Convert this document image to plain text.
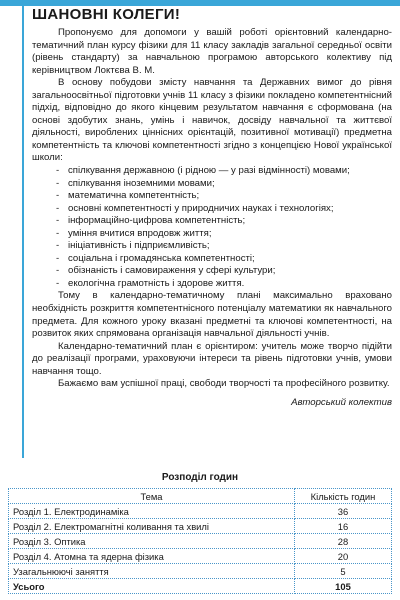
ШАНОВНІ КОЛЕГИ!

Пропонуємо для допомоги у вашій роботі орієнтовний календарно-тематичний план курсу фізики для 11 класу закладів загальної середньої освіти (рівень стандарту) за навчальною програмою авторського колективу під керівництвом Локтєва В. М.

В основу побудови змісту навчання та Державних вимог до рівня загальноосвітньої підготовки учнів 11 класу з фізики покладено компетентнісний підхід, відповідно до якого кінцевим результатом навчання є сформована (на основі здобутих знань, умінь і навичок, досвіду навчальної та життєвої діяльності, вироблених ціннісних орієнтацій, позитивної мотивації) предметна компетентність та ключові компетентності згідно з концепцією Нової української школи:

- спілкування державною (і рідною — у разі відмінності) мовами;
- спілкування іноземними мовами;
- математична компетентність;
- основні компетентності у природничих науках і технологіях;
- інформаційно-цифрова компетентність;
- уміння вчитися впродовж життя;
- ініціативність і підприємливість;
- соціальна і громадянська компетентності;
- обізнаність і самовираження у сфері культури;
- екологічна грамотність і здорове життя.

Тому в календарно-тематичному плані максимально враховано необхідність розкриття компетентнісного потенціалу математики як навчального предмета. Для кожного уроку вказані предметні та ключові компетентності, на розвиток яких спрямована організація навчальної діяльності учнів.

Календарно-тематичний план є орієнтиром: учитель може творчо підійти до реалізації програми, ураховуючи інтереси та рівень підготовки учнів, умови навчання тощо.

Бажаємо вам успішної праці, свободи творчості та професійного розвитку.

Авторський колектив
Розподіл годин
Тема	Кількість годин
Розділ 1. Електродинаміка	36
Розділ 2. Електромагнітні коливання та хвилі	16
Розділ 3. Оптика	28
Розділ 4. Атомна та ядерна фізика	20
Узагальнюючі заняття	5
Усього	105
